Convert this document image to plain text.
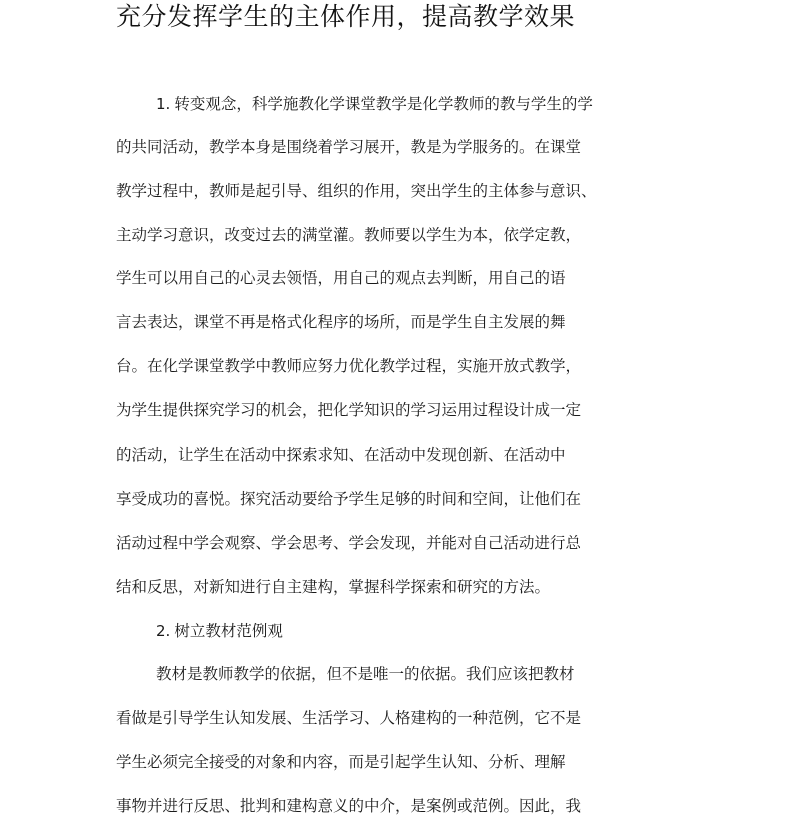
充分发挥学生的主体作用，提高教学效果
1. 转变观念，科学施教化学课堂教学是化学教师的教与学生的学
的共同活动，教学本身是围绕着学习展开，教是为学服务的。在课堂
教学过程中，教师是起引导、组织的作用，突出学生的主体参与意识、
主动学习意识，改变过去的满堂灌。教师要以学生为本，依学定教，
学生可以用自己的心灵去领悟，用自己的观点去判断，用自己的语
言去表达，课堂不再是格式化程序的场所，而是学生自主发展的舞
台。在化学课堂教学中教师应努力优化教学过程，实施开放式教学，
为学生提供探究学习的机会，把化学知识的学习运用过程设计成一定
的活动，让学生在活动中探索求知、在活动中发现创新、在活动中
享受成功的喜悦。探究活动要给予学生足够的时间和空间，让他们在
活动过程中学会观察、学会思考、学会发现，并能对自己活动进行总
结和反思，对新知进行自主建构，掌握科学探索和研究的方法。
2. 树立教材范例观
教材是教师教学的依据，但不是唯一的依据。我们应该把教材
看做是引导学生认知发展、生活学习、人格建构的一种范例，它不是
学生必须完全接受的对象和内容，而是引起学生认知、分析、理解
事物并进行反思、批判和建构意义的中介，是案例或范例。因此，我
